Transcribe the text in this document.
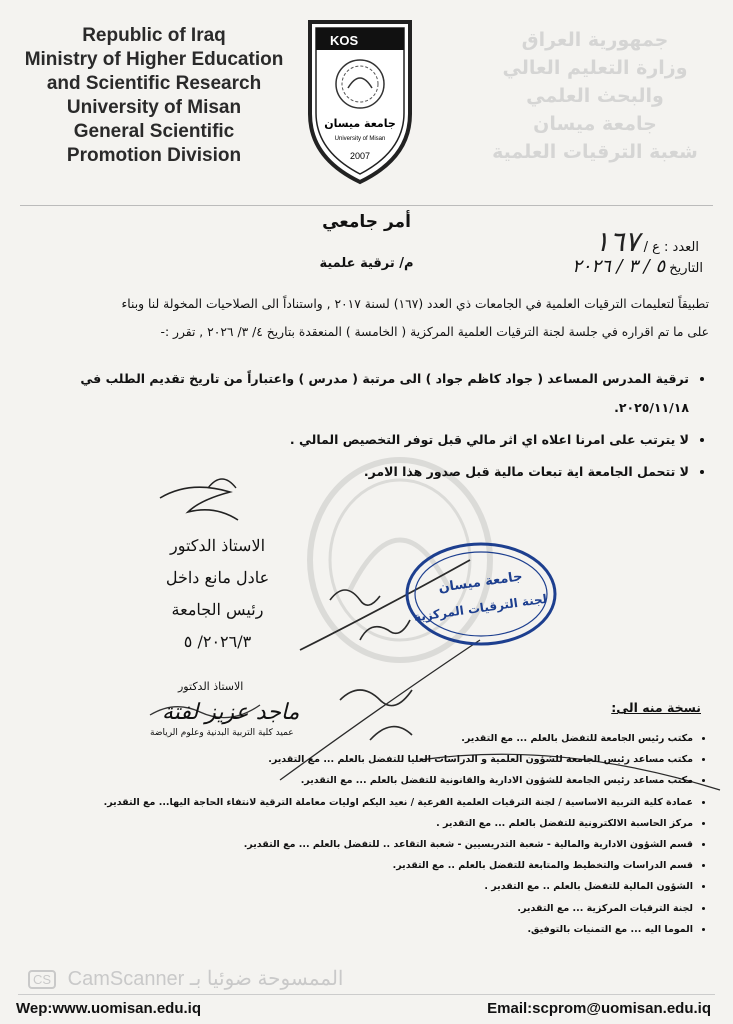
Republic of Iraq
Ministry of Higher Education
and Scientific Research
University of Misan
General Scientific
Promotion Division
جمهورية العراق
وزارة التعليم العالي
والبحث العلمي
جامعة ميسان
شعبة الترقيات العلمية
KOS
جامعة ميسان
University of Misan
2007
العدد : ع / ١٦٧
التاريخ ٥ / ٣ / ٢٠٢٦
أمر جامعي
م/ ترقية علمية
تطبيقاً لتعليمات الترقيات العلمية في الجامعات ذي العدد (١٦٧) لسنة ٢٠١٧ , واستناداً الى الصلاحيات المخولة لنا وبناء
على ما تم اقراره في جلسة لجنة الترقيات العلمية المركزية ( الخامسة ) المنعقدة بتاريخ ٤/ ٣/ ٢٠٢٦ , تقرر :-
• ترقية المدرس المساعد ( جواد كاظم جواد ) الى مرتبة ( مدرس ) واعتباراً من تاريخ تقديم الطلب في ٢٠٢٥/١١/١٨.
• لا يترتب على امرنا اعلاه اي اثر مالي قبل توفر التخصيص المالي .
• لا تتحمل الجامعة اية تبعات مالية قبل صدور هذا الامر.
الاستاذ الدكتور
عادل مانع داخل
رئيس الجامعة
٢٠٢٦/٣/ ٥
جامعة ميسان
لجنة الترقيات المركزية
الاستاذ الدكتور
ماجد عزيز لفتة
عميد كلية التربية البدنية وعلوم الرياضة
نسخة منه الى:
• مكتب رئيس الجامعة للتفضل بالعلم ... مع التقدير.
• مكتب مساعد رئيس الجامعة للشؤون العلمية و الدراسات العليا للتفضل بالعلم ... مع التقدير.
• مكتب مساعد رئيس الجامعة للشؤون الادارية والقانونية للتفضل بالعلم ... مع التقدير.
• عمادة كلية التربية الاساسية / لجنة الترقيات العلمية الفرعية / نعيد اليكم اوليات معاملة الترقية لانتفاء الحاجة اليها... مع التقدير.
• مركز الحاسبة الالكترونية للتفضل بالعلم ... مع التقدير .
• قسم الشؤون الادارية والمالية - شعبة التدريسيين - شعبة التقاعد .. للتفضل بالعلم ... مع التقدير.
• قسم الدراسات والتخطيط والمتابعة للتفضل بالعلم .. مع التقدير.
• الشؤون المالية للتفضل بالعلم .. مع التقدير .
• لجنة الترقيات المركزية ... مع التقدير.
• الموما اليه ... مع التمنيات بالتوفيق.
CS CamScanner الممسوحة ضوئيا بـ
Wep:www.uomisan.edu.iq	Email:scprom@uomisan.edu.iq
